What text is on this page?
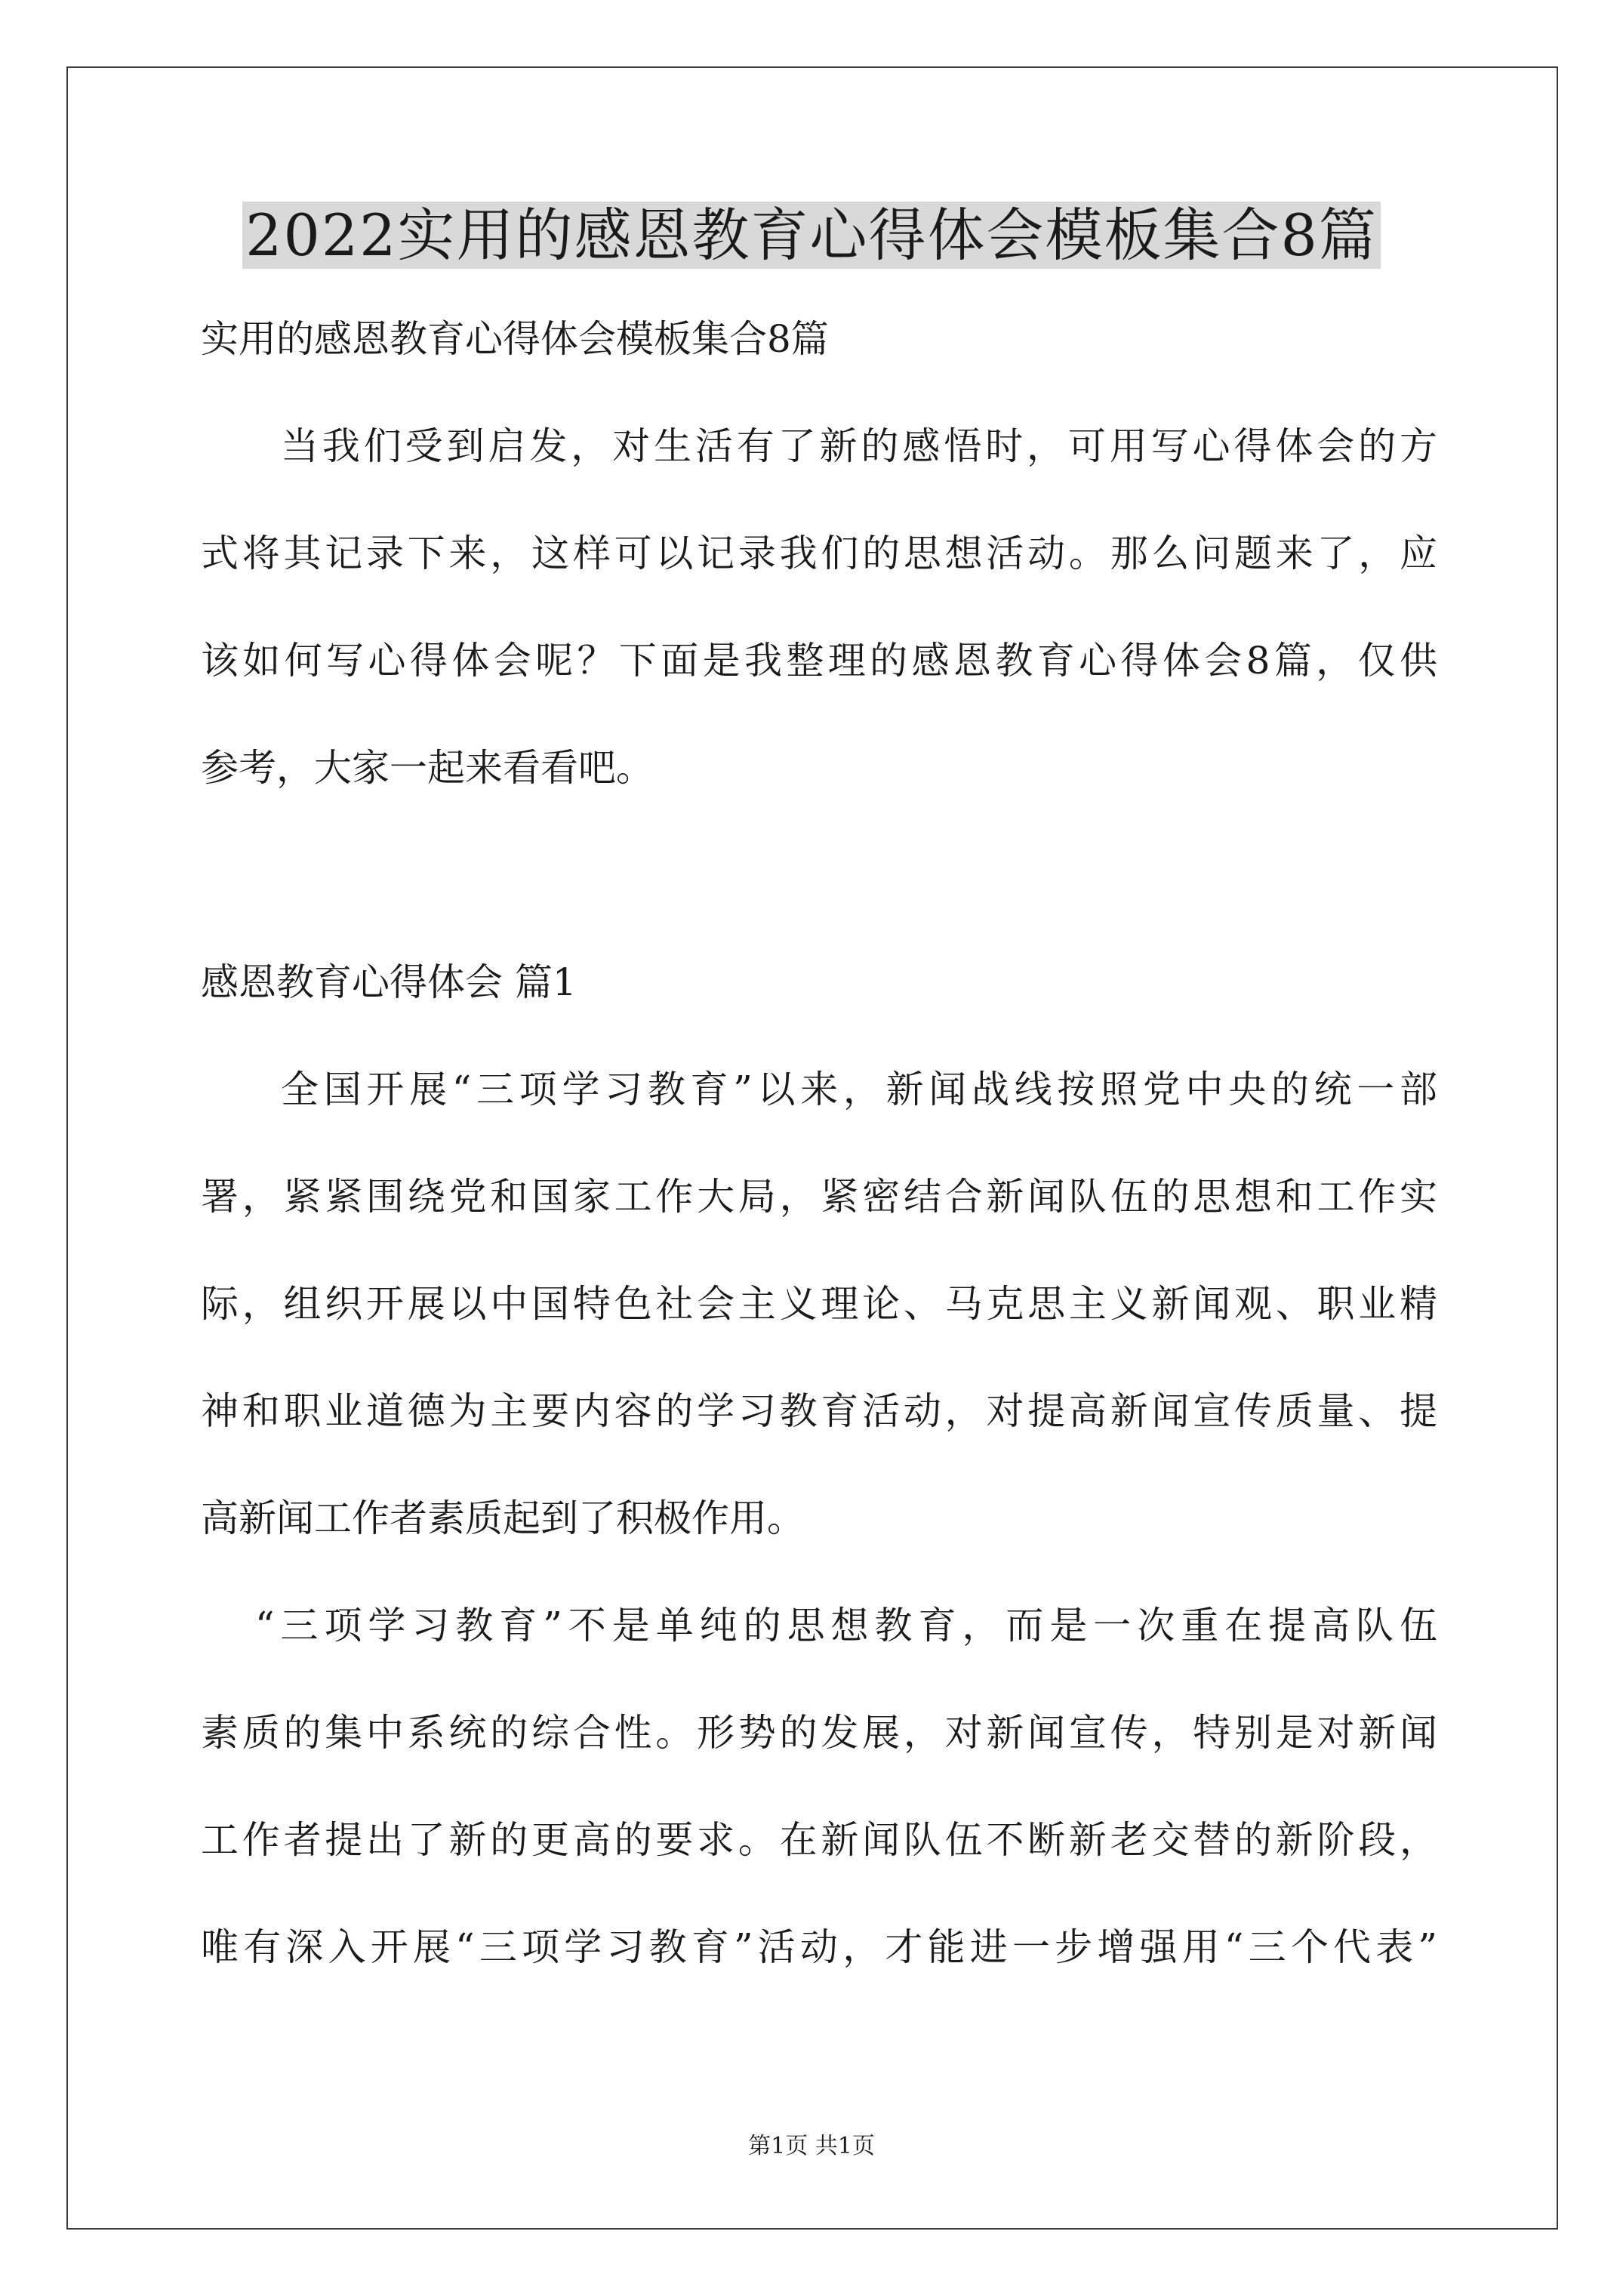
2022实用的感恩教育心得体会模板集合8篇
实用的感恩教育心得体会模板集合8篇
当我们受到启发，对生活有了新的感悟时，可用写心得体会的方
式将其记录下来，这样可以记录我们的思想活动。那么问题来了，应
该如何写心得体会呢？下面是我整理的感恩教育心得体会8篇，仅供
参考，大家一起来看看吧。
感恩教育心得体会 篇1
全国开展“三项学习教育”以来，新闻战线按照党中央的统一部
署，紧紧围绕党和国家工作大局，紧密结合新闻队伍的思想和工作实
际，组织开展以中国特色社会主义理论、马克思主义新闻观、职业精
神和职业道德为主要内容的学习教育活动，对提高新闻宣传质量、提
高新闻工作者素质起到了积极作用。
“三项学习教育”不是单纯的思想教育，而是一次重在提高队伍
素质的集中系统的综合性。形势的发展，对新闻宣传，特别是对新闻
工作者提出了新的更高的要求。在新闻队伍不断新老交替的新阶段，
唯有深入开展“三项学习教育”活动，才能进一步增强用“三个代表”
第1页 共1页
